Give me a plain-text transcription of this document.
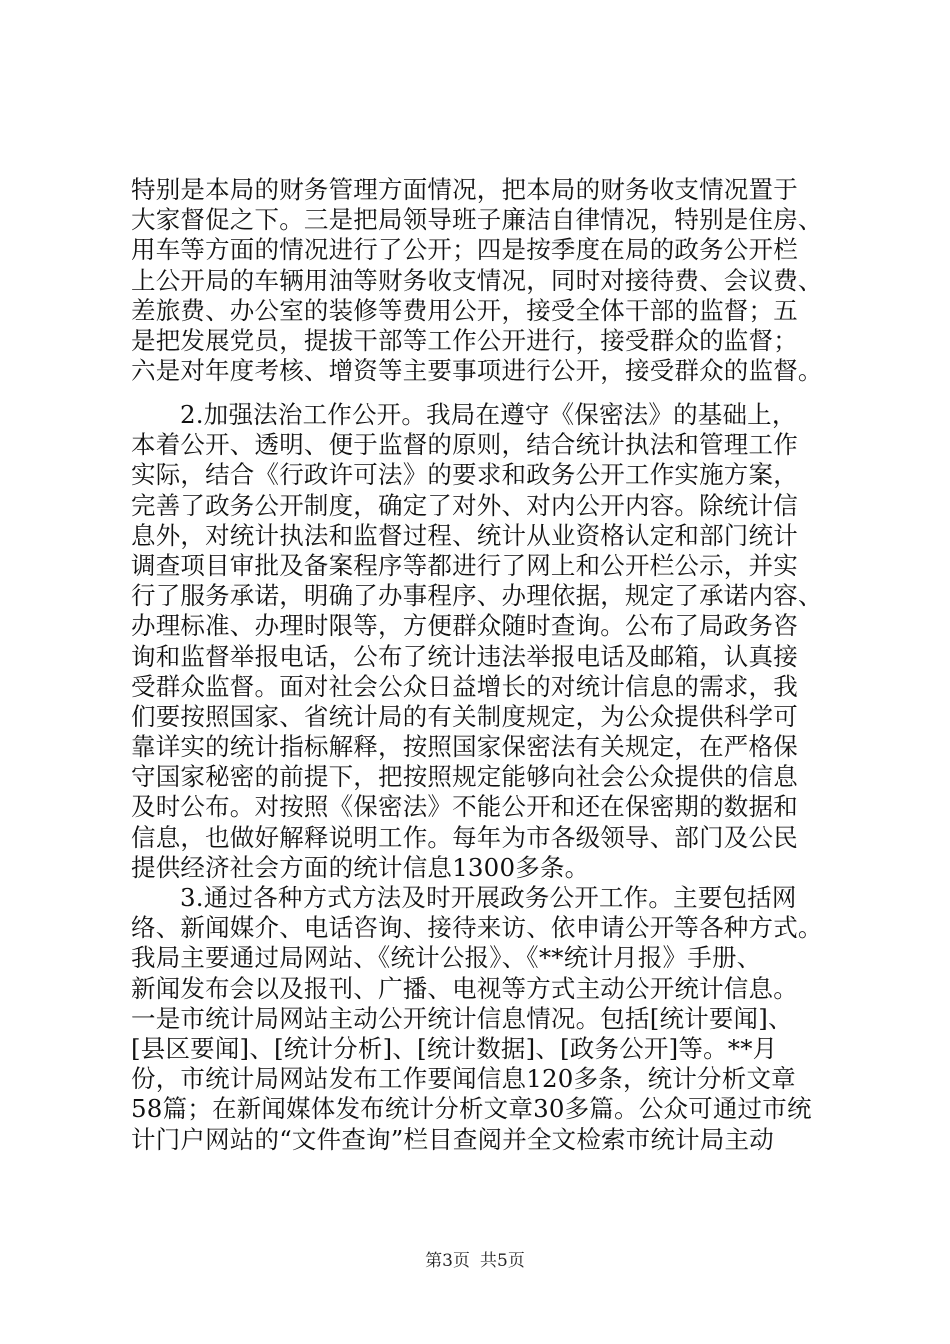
特别是本局的财务管理方面情况，把本局的财务收支情况置于
大家督促之下。三是把局领导班子廉洁自律情况，特别是住房、
用车等方面的情况进行了公开；四是按季度在局的政务公开栏
上公开局的车辆用油等财务收支情况，同时对接待费、会议费、
差旅费、办公室的装修等费用公开，接受全体干部的监督；五
是把发展党员，提拔干部等工作公开进行，接受群众的监督；
六是对年度考核、增资等主要事项进行公开，接受群众的监督。
2.加强法治工作公开。我局在遵守《保密法》的基础上，
本着公开、透明、便于监督的原则，结合统计执法和管理工作
实际，结合《行政许可法》的要求和政务公开工作实施方案，
完善了政务公开制度，确定了对外、对内公开内容。除统计信
息外，对统计执法和监督过程、统计从业资格认定和部门统计
调查项目审批及备案程序等都进行了网上和公开栏公示，并实
行了服务承诺，明确了办事程序、办理依据，规定了承诺内容、
办理标准、办理时限等，方便群众随时查询。公布了局政务咨
询和监督举报电话，公布了统计违法举报电话及邮箱，认真接
受群众监督。面对社会公众日益增长的对统计信息的需求，我
们要按照国家、省统计局的有关制度规定，为公众提供科学可
靠详实的统计指标解释，按照国家保密法有关规定，在严格保
守国家秘密的前提下，把按照规定能够向社会公众提供的信息
及时公布。对按照《保密法》不能公开和还在保密期的数据和
信息，也做好解释说明工作。每年为市各级领导、部门及公民
提供经济社会方面的统计信息1300多条。
3.通过各种方式方法及时开展政务公开工作。主要包括网
络、新闻媒介、电话咨询、接待来访、依申请公开等各种方式。
我局主要通过局网站、《统计公报》、《**统计月报》手册、
新闻发布会以及报刊、广播、电视等方式主动公开统计信息。
一是市统计局网站主动公开统计信息情况。包括[统计要闻]、
[县区要闻]、[统计分析]、[统计数据]、[政务公开]等。**月
份，市统计局网站发布工作要闻信息120多条，统计分析文章
58篇；在新闻媒体发布统计分析文章30多篇。公众可通过市统
计门户网站的“文件查询”栏目查阅并全文检索市统计局主动
第3页 共5页
